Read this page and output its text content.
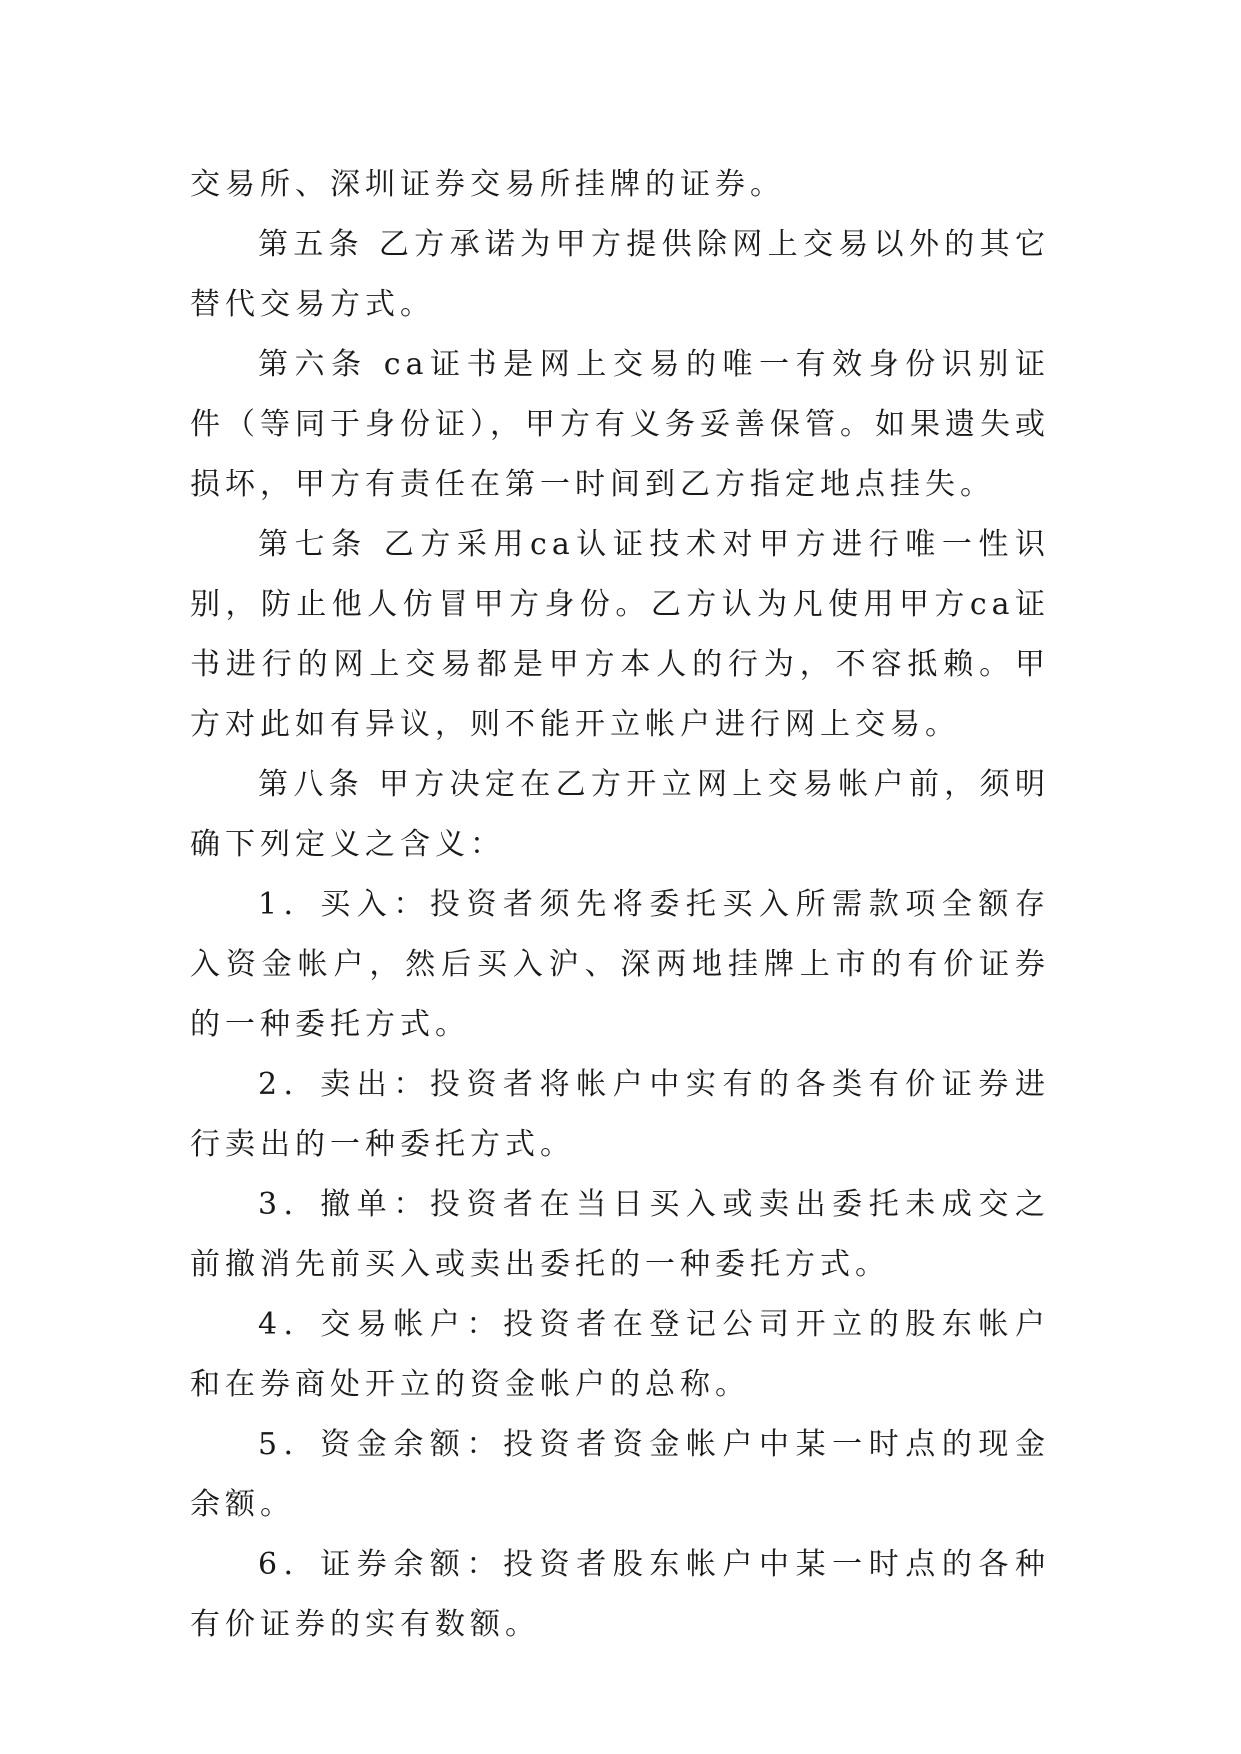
交易所、深圳证券交易所挂牌的证券。

第五条 乙方承诺为甲方提供除网上交易以外的其它替代交易方式。

第六条 ca证书是网上交易的唯一有效身份识别证件（等同于身份证），甲方有义务妥善保管。如果遗失或损坏，甲方有责任在第一时间到乙方指定地点挂失。

第七条 乙方采用ca认证技术对甲方进行唯一性识别，防止他人仿冒甲方身份。乙方认为凡使用甲方ca证书进行的网上交易都是甲方本人的行为，不容抵赖。甲方对此如有异议，则不能开立帐户进行网上交易。

第八条 甲方决定在乙方开立网上交易帐户前，须明确下列定义之含义：

1．买入：投资者须先将委托买入所需款项全额存入资金帐户，然后买入沪、深两地挂牌上市的有价证券的一种委托方式。

2．卖出：投资者将帐户中实有的各类有价证券进行卖出的一种委托方式。

3．撤单：投资者在当日买入或卖出委托未成交之前撤消先前买入或卖出委托的一种委托方式。

4．交易帐户：投资者在登记公司开立的股东帐户和在券商处开立的资金帐户的总称。

5．资金余额：投资者资金帐户中某一时点的现金余额。

6．证券余额：投资者股东帐户中某一时点的各种有价证券的实有数额。
